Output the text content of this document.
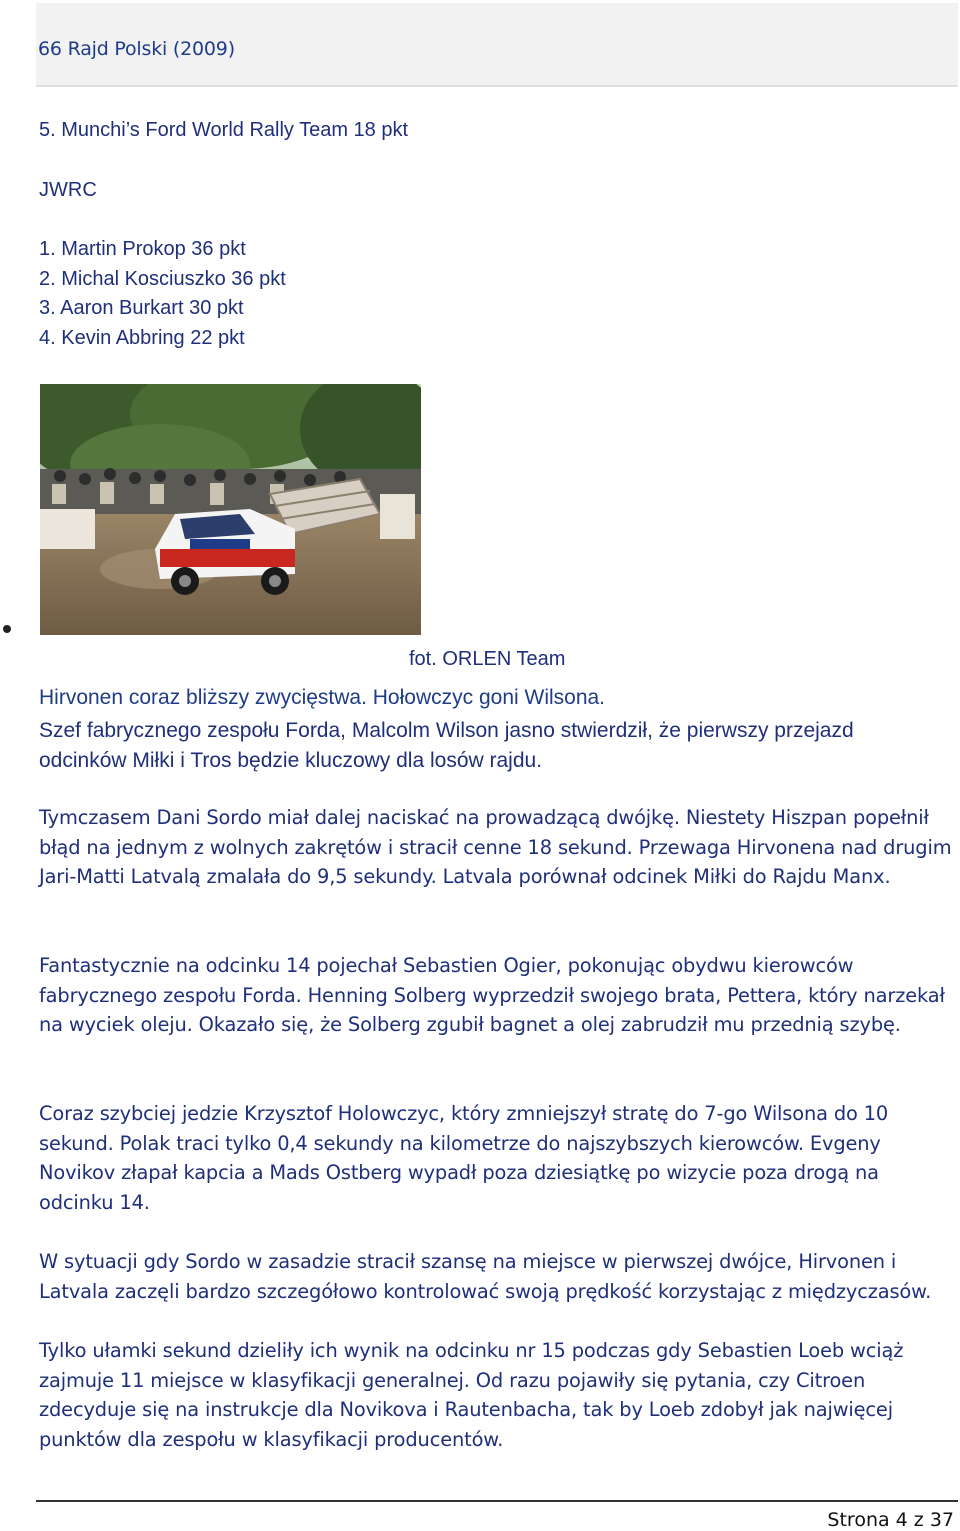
66 Rajd Polski (2009)
5. Munchi’s Ford World Rally Team 18 pkt
JWRC
1. Martin Prokop 36 pkt
2. Michal Kosciuszko 36 pkt
3. Aaron Burkart 30 pkt
4. Kevin Abbring 22 pkt
fot. ORLEN Team
Hirvonen coraz bliższy zwycięstwa. Hołowczyc goni Wilsona.
Szef fabrycznego zespołu Forda, Malcolm Wilson jasno stwierdził, że pierwszy przejazd odcinków Miłki i Tros będzie kluczowy dla losów rajdu.
Tymczasem Dani Sordo miał dalej naciskać na prowadzącą dwójkę. Niestety Hiszpan popełnił błąd na jednym z wolnych zakrętów i stracił cenne 18 sekund. Przewaga Hirvonena nad drugim Jari-Matti Latvalą zmalała do 9,5 sekundy. Latvala porównał odcinek Miłki do Rajdu Manx.
Fantastycznie na odcinku 14 pojechał Sebastien Ogier, pokonując obydwu kierowców fabrycznego zespołu Forda. Henning Solberg wyprzedził swojego brata, Pettera, który narzekał na wyciek oleju. Okazało się, że Solberg zgubił bagnet a olej zabrudził mu przednią szybę.
Coraz szybciej jedzie Krzysztof Holowczyc, który zmniejszył stratę do 7-go Wilsona do 10 sekund. Polak traci tylko 0,4 sekundy na kilometrze do najszybszych kierowców. Evgeny Novikov złapał kapcia a Mads Ostberg wypadł poza dziesiątkę po wizycie poza drogą na odcinku 14.
W sytuacji gdy Sordo w zasadzie stracił szansę na miejsce w pierwszej dwójce, Hirvonen i Latvala zaczęli bardzo szczegółowo kontrolować swoją prędkość korzystając z międzyczasów.
Tylko ułamki sekund dzieliły ich wynik na odcinku nr 15 podczas gdy Sebastien Loeb wciąż zajmuje 11 miejsce w klasyfikacji generalnej. Od razu pojawiły się pytania, czy Citroen zdecyduje się na instrukcje dla Novikova i Rautenbacha, tak by Loeb zdobył jak najwięcej punktów dla zespołu w klasyfikacji producentów.
Strona 4 z 37
